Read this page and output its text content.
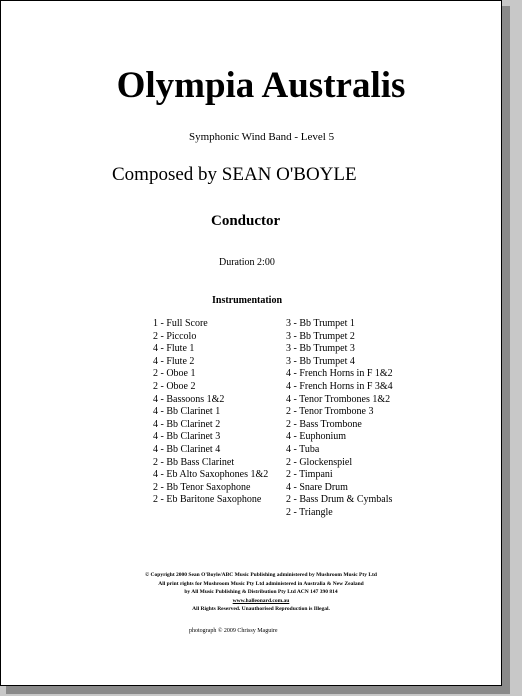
Olympia Australis
Symphonic Wind Band - Level 5
Composed by SEAN O'BOYLE
Conductor
Duration 2:00
Instrumentation
1 - Full Score
2 - Piccolo
4 - Flute 1
4 - Flute 2
2 - Oboe 1
2 - Oboe 2
4 - Bassoons 1&2
4 - Bb Clarinet 1
4 - Bb Clarinet 2
4 - Bb Clarinet 3
4 - Bb Clarinet 4
2 - Bb Bass Clarinet
4 - Eb Alto Saxophones 1&2
2 - Bb Tenor Saxophone
2 - Eb Baritone Saxophone
3 - Bb Trumpet 1
3 - Bb Trumpet 2
3 - Bb Trumpet 3
3 - Bb Trumpet 4
4 - French Horns in F 1&2
4 - French Horns in F 3&4
4 - Tenor Trombones 1&2
2 - Tenor Trombone 3
2 - Bass Trombone
4 - Euphonium
4 - Tuba
2 - Glockenspiel
2 - Timpani
4 - Snare Drum
2 - Bass Drum & Cymbals
2 - Triangle
© Copyright 2000 Sean O'Boyle/ABC Music Publishing administered by Mushroom Music Pty Ltd
All print rights for Mushroom Music Pty Ltd administered in Australia & New Zealand
by All Music Publishing & Distribution Pty Ltd ACN 147 390 814
www.halleonard.com.au
All Rights Reserved. Unauthorised Reproduction is Illegal.
photograph © 2009 Chrissy Maguire
